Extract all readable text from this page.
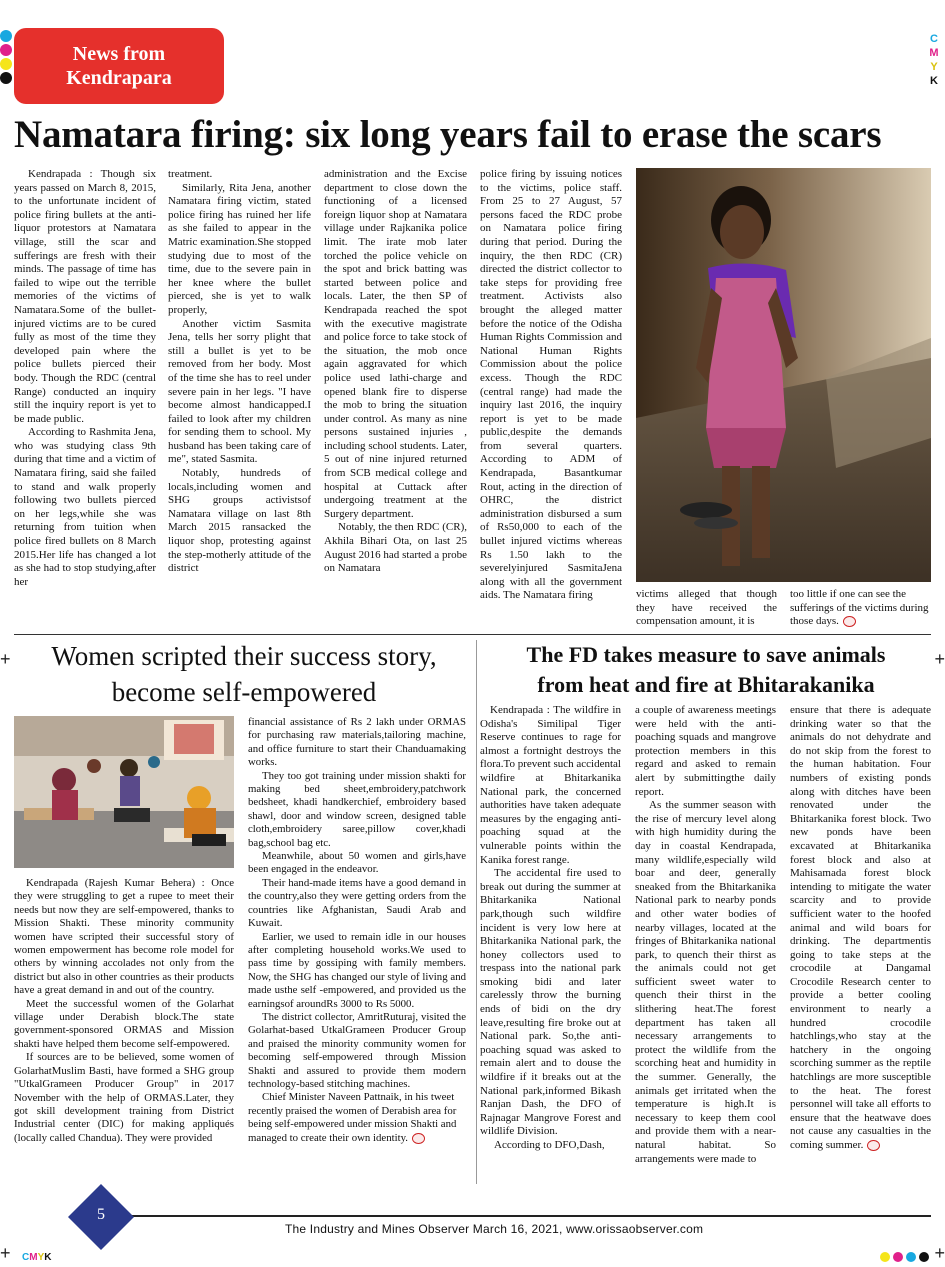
C
M
Y
K
News from
Kendrapara
Namatara firing: six long years fail to erase the scars

Kendrapada : Though six years passed on March 8, 2015, to the unfortunate incident of police firing bullets at the anti-liquor protestors at Namatara village, still the scar and sufferings are fresh with their minds. The passage of time has failed to wipe out the terrible memories of the victims of Namatara.Some of the bullet-injured victims are to be cured fully as most of the time they developed pain where the police bullets pierced their body. Though the RDC (central Range) conducted an inquiry still the inquiry report is yet to be made public.

According to Rashmita Jena, who was studying class 9th during that time and a victim of Namatara firing, said she failed to stand and walk properly following two bullets pierced on her legs,while she was returning from tuition when police fired bullets on 8 March 2015.Her life has changed a lot as she had to stop studying,after her

treatment.

Similarly, Rita Jena, another Namatara firing victim, stated police firing has ruined her life as she failed to appear in the Matric examination.She stopped studying due to most of the time, due to the severe pain in her knee where the bullet pierced, she is yet to walk properly,

Another victim Sasmita Jena, tells her sorry plight that still a bullet is yet to be removed from her body. Most of the time she has to reel under severe pain in her legs. "I have become almost handicapped.I failed to look after my children for sending them to school. My husband has been taking care of me", stated Sasmita.

Notably, hundreds of locals,including women and SHG groups activistsof Namatara village on last 8th March 2015 ransacked the liquor shop, protesting against the step-motherly attitude of the district

administration and the Excise department to close down the functioning of a licensed foreign liquor shop at Namatara village under Rajkanika police limit. The irate mob later torched the police vehicle on the spot and brick batting was started between police and locals. Later, the then SP of Kendrapada reached the spot with the executive magistrate and police force to take stock of the situation, the mob once again aggravated for which police used lathi-charge and opened blank fire to disperse the mob to bring the situation under control. As many as nine persons sustained injuries , including school students. Later, 5 out of nine injured returned from SCB medical college and hospital at Cuttack after undergoing treatment at the Surgery department.

Notably, the then RDC (CR), Akhila Bihari Ota, on last 25 August 2016 had started a probe on Namatara

police firing by issuing notices to the victims, police staff. From 25 to 27 August, 57 persons faced the RDC probe on Namatara police firing during that period. During the inquiry, the then RDC (CR) directed the district collector to take steps for providing free treatment. Activists also brought the alleged matter before the notice of the Odisha Human Rights Commission and National Human Rights Commission about the police excess. Though the RDC (central range) had made the inquiry last 2016, the inquiry report is yet to be made public,despite the demands from several quarters. According to ADM of Kendrapada, Basantkumar Rout, acting in the direction of OHRC, the district administration disbursed a sum of Rs50,000 to each of the bullet injured victims whereas Rs 1.50 lakh to the severelyinjured SasmitaJena along with all the government aids. The Namatara firing	victims alleged that though they have received the compensation amount, it is

too little if one can see the sufferings of the victims during those days.

+	+
Women scripted their success story,
become self-empowered

Kendrapada (Rajesh Kumar Behera) : Once they were struggling to get a rupee to meet their needs but now they are self-empowered, thanks to Mission Shakti. These minority community women have scripted their successful story of women empowerment has become role model for others by winning accolades not only from the district but also in other countries as their products have a great demand in and out of the country.

Meet the successful women of the Golarhat village under Derabish block.The state government-sponsored ORMAS and Mission shakti have helped them become self-empowered.

If sources are to be believed, some women of GolarhatMuslim Basti, have formed a SHG group "UtkalGrameen Producer Group" in 2017 November with the help of ORMAS.Later, they got skill development training from District Industrial center (DIC) for making appliqués (locally called Chandua). They were provided

financial assistance of Rs 2 lakh under ORMAS for purchasing raw materials,tailoring machine, and office furniture to start their Chanduamaking works.

They too got training under mission shakti for making bed sheet,embroidery,patchwork bedsheet, khadi handkerchief, embroidery based shawl, door and window screen, designed table cloth,embroidery saree,pillow cover,khadi bag,school bag etc.

Meanwhile, about 50 women and girls,have been engaged in the endeavor.

Their hand-made items have a good demand in the country,also they were getting orders from the countries like Afghanistan, Saudi Arab and Kuwait.

Earlier, we used to remain idle in our houses after completing household works.We used to pass time by gossiping with family members. Now, the SHG has changed our style of living and made usthe self -empowered, and provided us the earningsof aroundRs 3000 to Rs 5000.

The district collector, AmritRuturaj, visited the Golarhat-based UtkalGrameen Producer Group and praised the minority community women for becoming self-empowered through Mission Shakti and assured to provide them modern technology-based stitching machines.

Chief Minister Naveen Pattnaik, in his tweet recently praised the women of Derabish area for being self-empowered under mission Shakti and managed to create their own identity.

The FD takes measure to save animals
from heat and fire at Bhitarakanika

Kendrapada : The wildfire in Odisha's Similipal Tiger Reserve continues to rage for almost a fortnight destroys the flora.To prevent such accidental wildfire at Bhitarkanika National park, the concerned authorities have taken adequate measures by the engaging anti-poaching squad at the vulnerable points within the Kanika forest range.

The accidental fire used to break out during the summer at Bhitarkanika National park,though such wildfire incident is very low here at Bhitarkanika National park, the honey collectors used to trespass into the national park smoking bidi and later carelessly throw the burning ends of bidi on the dry leave,resulting fire broke out at National park. So,the anti-poaching squad was asked to remain alert and to douse the wildfire if it breaks out at the National park,informed Bikash Ranjan Dash, the DFO of Rajnagar Mangrove Forest and wildlife Division.

According to DFO,Dash,

a couple of awareness meetings were held with the anti-poaching squads and mangrove protection members in this regard and asked to remain alert by submittingthe daily report.

As the summer season with the rise of mercury level along with high humidity during the day in coastal Kendrapada, many wildlife,especially wild boar and deer, generally sneaked from the Bhitarkanika National park to nearby ponds and other water bodies of nearby villages, located at the fringes of Bhitarkanika national park, to quench their thirst as the animals could not get sufficient sweet water to quench their thirst in the slithering heat.The forest department has taken all necessary arrangements to protect the wildlife from the scorching heat and humidity in the summer. Generally, the animals get irritated when the temperature is high.It is necessary to keep them cool and provide them with a near-natural habitat. So arrangements were made to

ensure that there is adequate drinking water so that the animals do not dehydrate and do not skip from the forest to the human habitation. Four numbers of existing ponds along with ditches have been renovated under the Bhitarkanika forest block. Two new ponds have been excavated at Bhitarkanika forest block and also at Mahisamada forest block intending to mitigate the water scarcity and to provide sufficient water to the hoofed animal and wild boars for drinking. The departmentis going to take steps at the crocodile at Dangamal Crocodile Research center to provide a better cooling environment to nearly a hundred crocodile hatchlings,who stay at the hatchery in the ongoing scorching summer as the reptile hatchlings are more susceptible to the heat. The forest personnel will take all efforts to ensure that the heatwave does not cause any casualties in the coming summer.

5
The Industry and Mines Observer March 16, 2021, www.orissaobserver.com
+	+
CMYK
